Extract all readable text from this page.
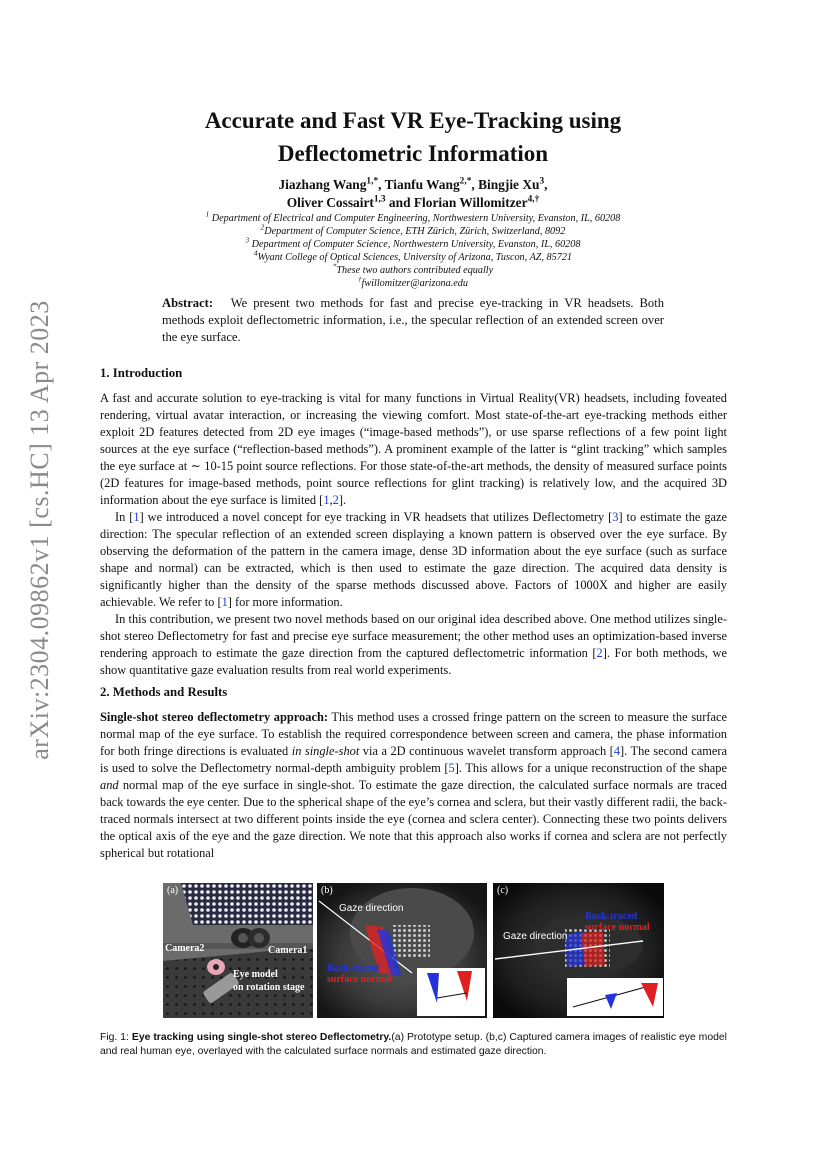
arXiv:2304.09862v1 [cs.HC] 13 Apr 2023
Accurate and Fast VR Eye-Tracking using
Deflectometric Information
Jiazhang Wang$^{1,*}$, Tianfu Wang$^{2,*}$, Bingjie Xu$^3$,
Oliver Cossairt$^{1,3}$ and Florian Willomitzer$^{4,\dagger}$
$^1$ Department of Electrical and Computer Engineering, Northwestern University, Evanston, IL, 60208
$^2$Department of Computer Science, ETH Zürich, Zürich, Switzerland, 8092
$^3$ Department of Computer Science, Northwestern University, Evanston, IL, 60208
$^4$Wyant College of Optical Sciences, University of Arizona, Tuscon, AZ, 85721
*These two authors contributed equally
†fwillomitzer@arizona.edu
Abstract: We present two methods for fast and precise eye-tracking in VR headsets. Both methods exploit deflectometric information, i.e., the specular reflection of an extended screen over the eye surface.
1. Introduction

A fast and accurate solution to eye-tracking is vital for many functions in Virtual Reality(VR) headsets, including foveated rendering, virtual avatar interaction, or increasing the viewing comfort. Most state-of-the-art eye-tracking methods either exploit 2D features detected from 2D eye images (“image-based methods”), or use sparse reflections of a few point light sources at the eye surface (“reflection-based methods”). A prominent example of the latter is “glint tracking” which samples the eye surface at ∼ 10-15 point source reflections. For those state-of-the-art methods, the density of measured surface points (2D features for image-based methods, point source reflections for glint tracking) is relatively low, and the acquired 3D information about the eye surface is limited [1,2].

In [1] we introduced a novel concept for eye tracking in VR headsets that utilizes Deflectometry [3] to estimate the gaze direction: The specular reflection of an extended screen displaying a known pattern is observed over the eye surface. By observing the deformation of the pattern in the camera image, dense 3D information about the eye surface (such as surface shape and normal) can be extracted, which is then used to estimate the gaze direction. The acquired data density is significantly higher than the density of the sparse methods discussed above. Factors of 1000X and higher are easily achievable. We refer to [1] for more information.

In this contribution, we present two novel methods based on our original idea described above. One method utilizes single-shot stereo Deflectometry for fast and precise eye surface measurement; the other method uses an optimization-based inverse rendering approach to estimate the gaze direction from the captured deflectometric information [2]. For both methods, we show quantitative gaze evaluation results from real world experiments.

2. Methods and Results

Single-shot stereo deflectometry approach: This method uses a crossed fringe pattern on the screen to measure the surface normal map of the eye surface. To establish the required correspondence between screen and camera, the phase information for both fringe directions is evaluated in single-shot via a 2D continuous wavelet transform approach [4]. The second camera is used to solve the Deflectometry normal-depth ambiguity problem [5]. This allows for a unique reconstruction of the shape and normal map of the eye surface in single-shot. To estimate the gaze direction, the calculated surface normals are traced back towards the eye center. Due to the spherical shape of the eye’s cornea and sclera, but their vastly different radii, the back-traced normals intersect at two different points inside the eye (cornea and sclera center). Connecting these two points delivers the optical axis of the eye and the gaze direction. We note that this approach also works if cornea and sclera are not perfectly spherical but rotational

(a)
Camera2	Camera1
Eye model
on rotation stage
(b)
Gaze direction
Back-traced
surface normal
(c)
Gaze direction
Back-traced
surface normal
Fig. 1: Eye tracking using single-shot stereo Deflectometry.(a) Prototype setup. (b,c) Captured camera images of realistic eye model and real human eye, overlayed with the calculated surface normals and estimated gaze direction.
